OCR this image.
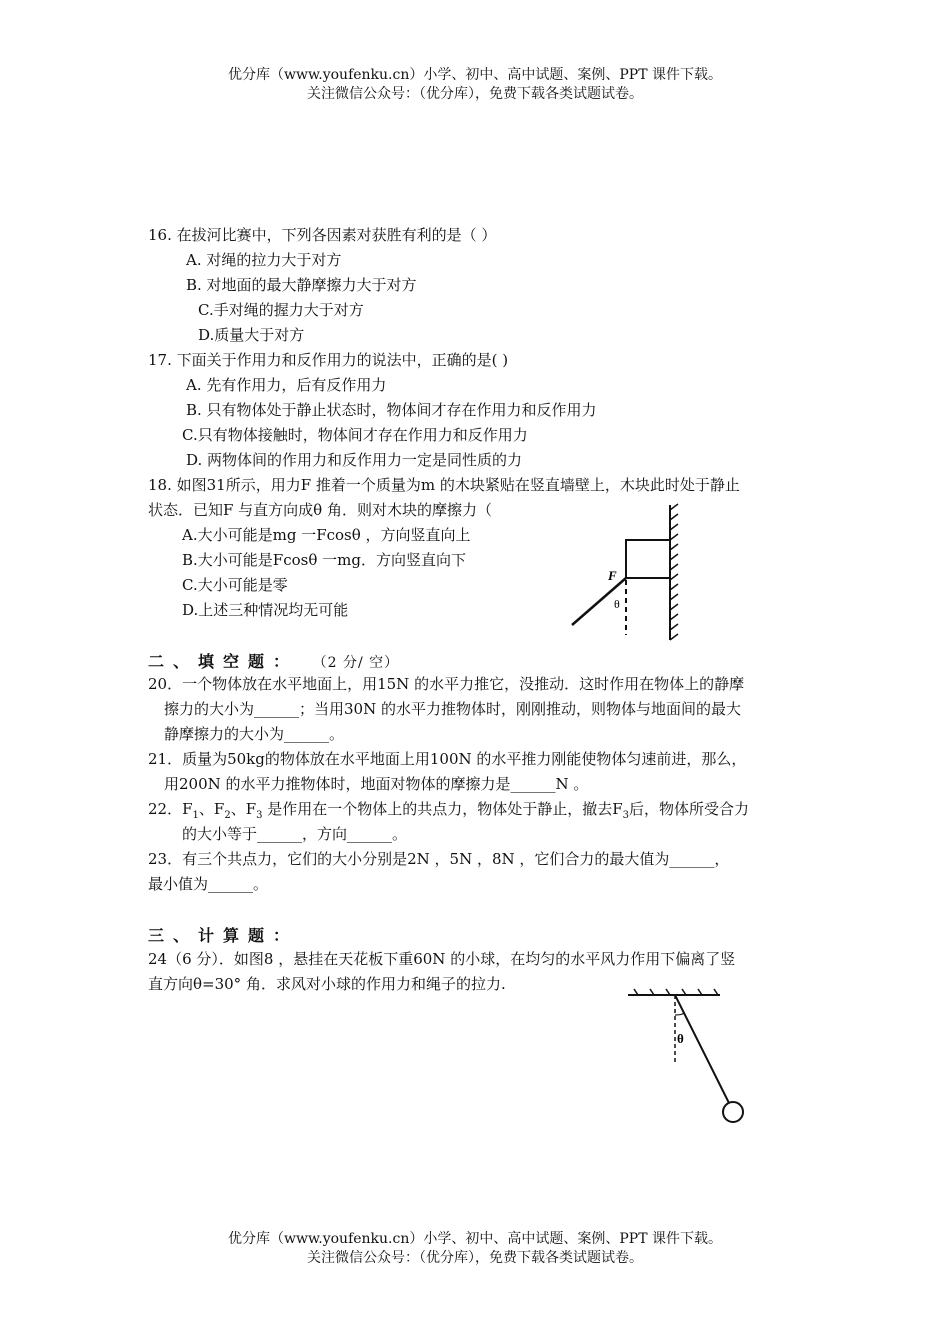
优分库（www.youfenku.cn）小学、初中、高中试题、案例、PPT 课件下载。
关注微信公众号：（优分库），免费下载各类试题试卷。
16. 在拔河比赛中，下列各因素对获胜有利的是（ ）
A. 对绳的拉力大于对方
B. 对地面的最大静摩擦力大于对方
C.手对绳的握力大于对方
D.质量大于对方
17. 下面关于作用力和反作用力的说法中，正确的是( )
A. 先有作用力，后有反作用力
B. 只有物体处于静止状态时，物体间才存在作用力和反作用力
C.只有物体接触时，物体间才存在作用力和反作用力
D. 两物体间的作用力和反作用力一定是同性质的力
18. 如图31所示，用力F 推着一个质量为m 的木块紧贴在竖直墙壁上，木块此时处于静止
状态．已知F 与直方向成θ 角．则对木块的摩擦力（
A.大小可能是mg 一Fcosθ ，方向竖直向上
B.大小可能是Fcosθ 一mg．方向竖直向下
C.大小可能是零
D.上述三种情况均无可能
F
θ
二、填空题： （2 分/ 空）
20．一个物体放在水平地面上，用15N 的水平力推它，没推动．这时作用在物体上的静摩
擦力的大小为______；当用30N 的水平力推物体时，刚刚推动，则物体与地面间的最大
静摩擦力的大小为______。
21．质量为50kg的物体放在水平地面上用100N 的水平推力刚能使物体匀速前进，那么，
用200N 的水平力推物体时，地面对物体的摩擦力是______N 。
22．$F_1$、$F_2$、$F_3$ 是作用在一个物体上的共点力，物体处于静止，撤去$F_3$后，物体所受合力
的大小等于______，方向______。
23．有三个共点力，它们的大小分别是2N ，5N ，8N ，它们合力的最大值为______，
最小值为______。
三、计算题：
24（6 分）．如图8 ，悬挂在天花板下重60N 的小球，在均匀的水平风力作用下偏离了竖
直方向θ=30° 角．求风对小球的作用力和绳子的拉力.
θ
优分库（www.youfenku.cn）小学、初中、高中试题、案例、PPT 课件下载。
关注微信公众号：（优分库），免费下载各类试题试卷。
